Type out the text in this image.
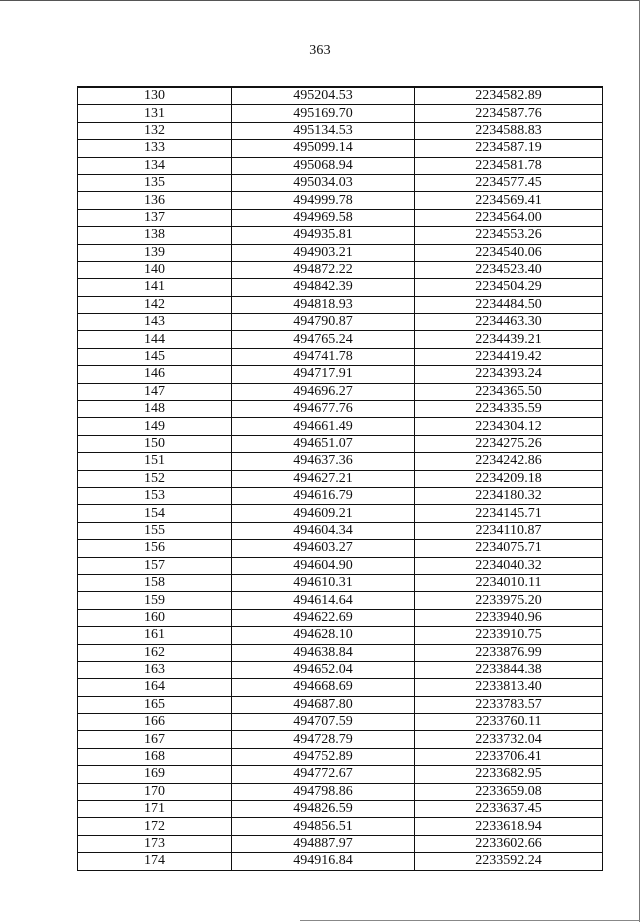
363
130	495204.53	2234582.89
131	495169.70	2234587.76
132	495134.53	2234588.83
133	495099.14	2234587.19
134	495068.94	2234581.78
135	495034.03	2234577.45
136	494999.78	2234569.41
137	494969.58	2234564.00
138	494935.81	2234553.26
139	494903.21	2234540.06
140	494872.22	2234523.40
141	494842.39	2234504.29
142	494818.93	2234484.50
143	494790.87	2234463.30
144	494765.24	2234439.21
145	494741.78	2234419.42
146	494717.91	2234393.24
147	494696.27	2234365.50
148	494677.76	2234335.59
149	494661.49	2234304.12
150	494651.07	2234275.26
151	494637.36	2234242.86
152	494627.21	2234209.18
153	494616.79	2234180.32
154	494609.21	2234145.71
155	494604.34	2234110.87
156	494603.27	2234075.71
157	494604.90	2234040.32
158	494610.31	2234010.11
159	494614.64	2233975.20
160	494622.69	2233940.96
161	494628.10	2233910.75
162	494638.84	2233876.99
163	494652.04	2233844.38
164	494668.69	2233813.40
165	494687.80	2233783.57
166	494707.59	2233760.11
167	494728.79	2233732.04
168	494752.89	2233706.41
169	494772.67	2233682.95
170	494798.86	2233659.08
171	494826.59	2233637.45
172	494856.51	2233618.94
173	494887.97	2233602.66
174	494916.84	2233592.24
